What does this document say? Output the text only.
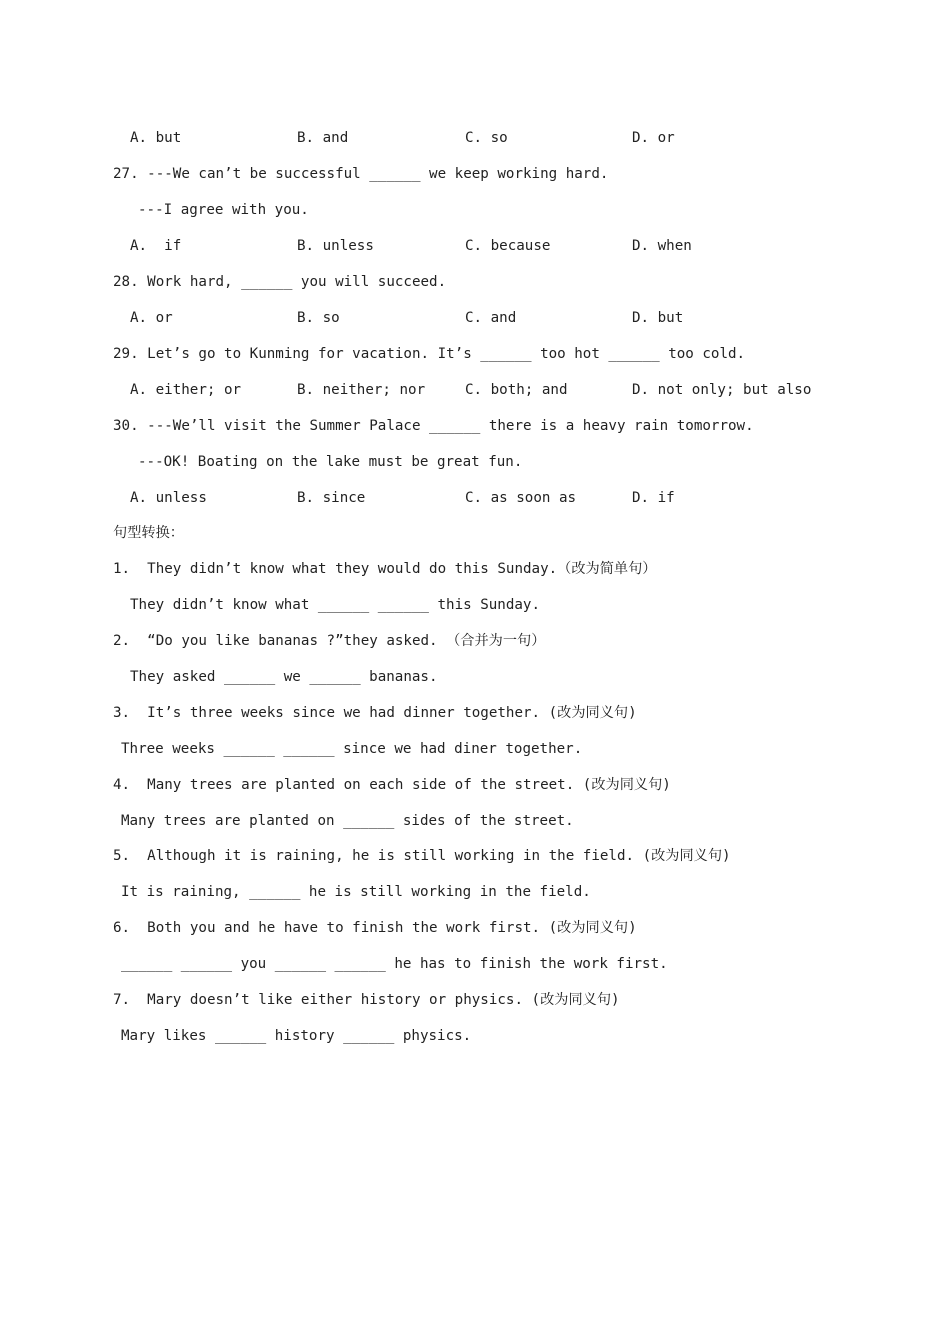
A. but	B. and	C. so	D. or
27. ---We can’t be successful ______ we keep working hard.
---I agree with you.
A.  if	B. unless	C. because	D. when
28. Work hard, ______ you will succeed.
A. or	B. so	C. and	D. but
29. Let’s go to Kunming for vacation. It’s ______ too hot ______ too cold.
A. either; or	B. neither; nor	C. both; and	D. not only; but also
30. ---We’ll visit the Summer Palace ______ there is a heavy rain tomorrow.
---OK! Boating on the lake must be great fun.
A. unless	B. since	C. as soon as	D. if
句型转换：
1.  They didn’t know what they would do this Sunday.（改为简单句）
They didn’t know what ______ ______ this Sunday.
2.  “Do you like bananas ?”they asked. （合并为一句）
They asked ______ we ______ bananas.
3.  It’s three weeks since we had dinner together. (改为同义句)
Three weeks ______ ______ since we had diner together.
4.  Many trees are planted on each side of the street. (改为同义句)
Many trees are planted on ______ sides of the street.
5.  Although it is raining, he is still working in the field. (改为同义句)
It is raining, ______ he is still working in the field.
6.  Both you and he have to finish the work first. (改为同义句)
______ ______ you ______ ______ he has to finish the work first.
7.  Mary doesn’t like either history or physics. (改为同义句)
Mary likes ______ history ______ physics.
